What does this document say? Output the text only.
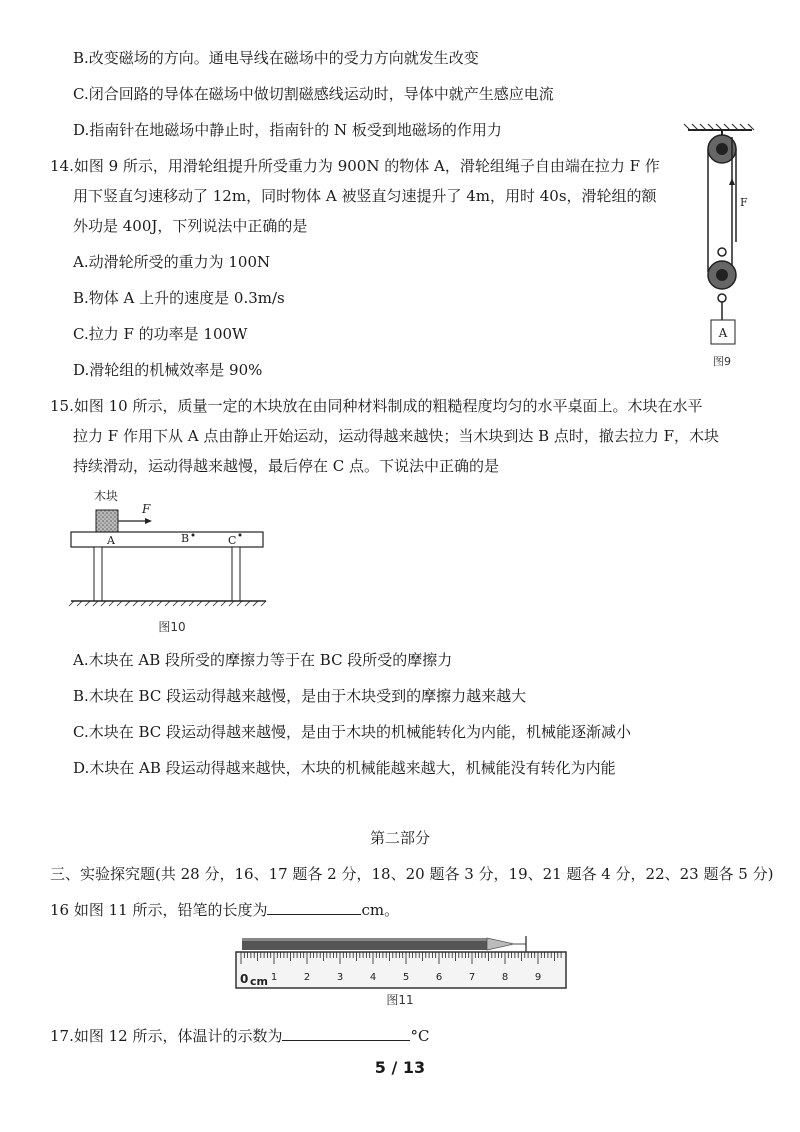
B.改变磁场的方向。通电导线在磁场中的受力方向就发生改变
C.闭合回路的导体在磁场中做切割磁感线运动时，导体中就产生感应电流
D.指南针在地磁场中静止时，指南针的 N 板受到地磁场的作用力
14.如图 9 所示，用滑轮组提升所受重力为 900N 的物体 A，滑轮组绳子自由端在拉力 F 作
用下竖直匀速移动了 12m，同时物体 A 被竖直匀速提升了 4m，用时 40s，滑轮组的额
外功是 400J，下列说法中正确的是
A.动滑轮所受的重力为 100N
B.物体 A 上升的速度是 0.3m/s
C.拉力 F 的功率是 100W
D.滑轮组的机械效率是 90%
F
A
图9
15.如图 10 所示，质量一定的木块放在由同种材料制成的粗糙程度均匀的水平桌面上。木块在水平
拉力 F 作用下从 A 点由静止开始运动，运动得越来越快；当木块到达 B 点时，撤去拉力 F，木块
持续滑动，运动得越来越慢，最后停在 C 点。下说法中正确的是
木块
F
A	B	C
图10
A.木块在 AB 段所受的摩擦力等于在 BC 段所受的摩擦力
B.木块在 BC 段运动得越来越慢，是由于木块受到的摩擦力越来越大
C.木块在 BC 段运动得越来越慢，是由于木块的机械能转化为内能，机械能逐渐减小
D.木块在 AB 段运动得越来越快，木块的机械能越来越大，机械能没有转化为内能
第二部分
三、实验探究题(共 28 分，16、17 题各 2 分，18、20 题各 3 分，19、21 题各 4 分，22、23 题各 5 分)
16 如图 11 所示，铅笔的长度为	cm。
0 cm 1	2	3	4	5	6	7	8	9
图11
17.如图 12 所示，体温计的示数为	°C
5 / 13
